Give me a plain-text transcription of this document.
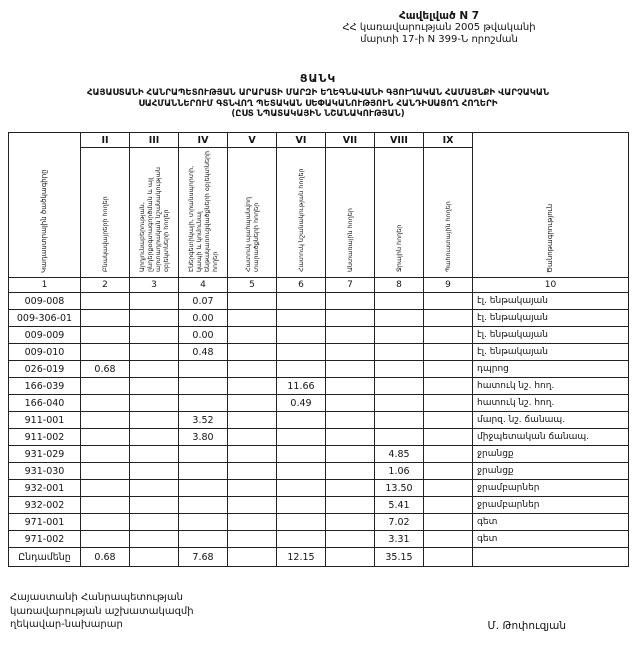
Հավելված N 7
ՀՀ կառավարության 2005 թվականի
մարտի 17-ի N 399-Ն որոշման
ՑԱՆԿ
ՀԱՅԱՍՏԱՆԻ ՀԱՆՐԱՊԵՏՈՒԹՅԱՆ ԱՐԱՐԱՏԻ ՄԱՐԶԻ ԵՂԵԳՆԱՎԱՆԻ ԳՅՈՒՂԱԿԱՆ ՀԱՄԱՅՆՔԻ ՎԱՐՉԱԿԱՆ
ՍԱՀՄԱՆՆԵՐՈՒՄ ԳՏՆՎՈՂ ՊԵՏԱԿԱՆ ՍԵՓԱԿԱՆՈՒԹՅՈՒՆ ՀԱՆԴԻՍԱՑՈՂ ՀՈՂԵՐԻ
(ԸՍՏ ՆՊԱՏԱԿԱՅԻՆ ՆՇԱՆԱԿՈՒԹՅԱՆ)
Կադաստրային ծածկագիրը	II	III	IV	V	VI	VII	VIII	IX	Ծանոթագրություն
	Բնակավայրերի հողեր	Արդյունաբերության, ընդերքօգտագործման և այլ արտադրական նշանակության օբյեկտների հողեր	Էներգետիկայի, տրանսպորտի, կապի և կոմունալ ենթակառուցվածքների օբյեկտների հողեր	Հատուկ պահպանվող տարածքների հողեր	Հատուկ նշանակության հողեր	Անտառային հողեր	Ջրային հողեր	Պահուստային հողեր	
1	2	3	4	5	6	7	8	9	10
009-008			0.07						էլ. ենթակայան
009-306-01			0.00						էլ. ենթակայան
009-009			0.00						էլ. ենթակայան
009-010			0.48						էլ. ենթակայան
026-019	0.68								դպրոց
166-039					11.66				հատուկ նշ. հող.
166-040					0.49				հատուկ նշ. հող.
911-001			3.52						մարզ. նշ. ճանապ.
911-002			3.80						միջպետական ճանապ.
931-029							4.85		ջրանցք
931-030							1.06		ջրանցք
932-001							13.50		ջրամբարներ
932-002							5.41		ջրամբարներ
971-001							7.02		գետ
971-002							3.31		գետ
Ընդամենը	0.68		7.68		12.15		35.15		
Հայաստանի Հանրապետության
կառավարության աշխատակազմի
ղեկավար-նախարար	Մ. Թոփուզյան
